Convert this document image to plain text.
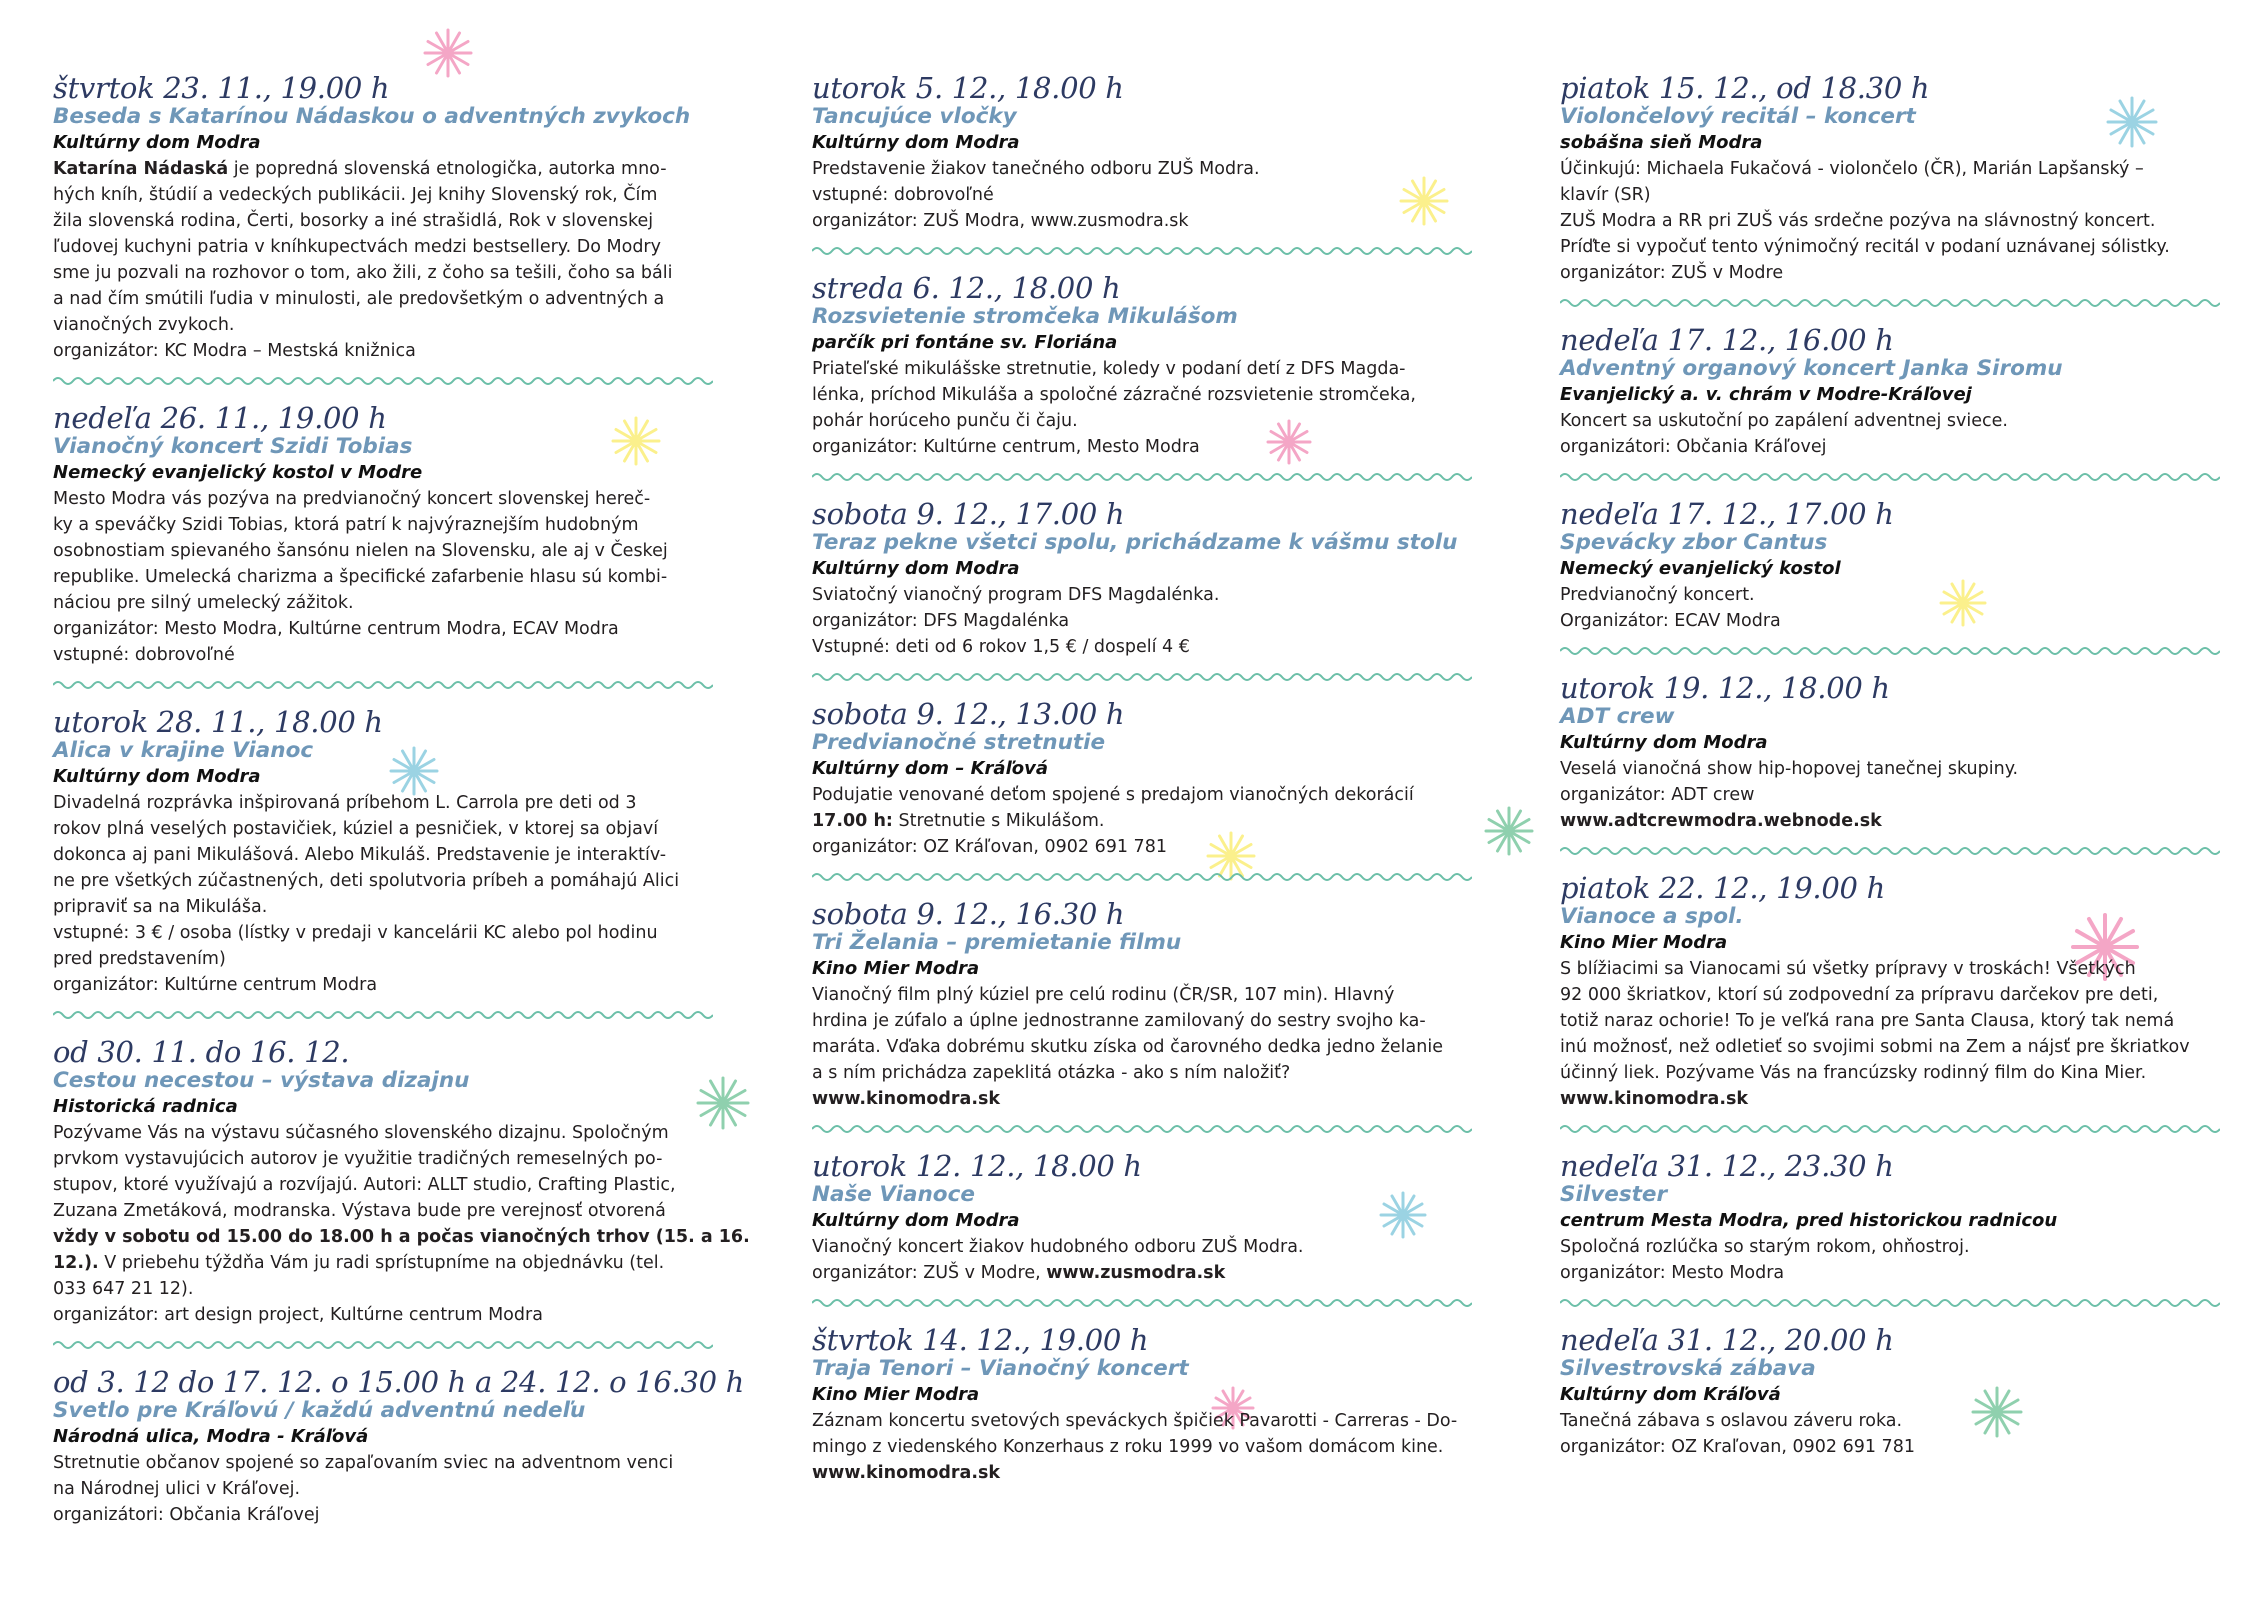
štvrtok 23. 11., 19.00 h
Beseda s Katarínou Nádaskou o adventných zvykoch
Kultúrny dom Modra
Katarína Nádaská je popredná slovenská etnologička, autorka mno-
hých kníh, štúdií a vedeckých publikácii. Jej knihy Slovenský rok, Čím
žila slovenská rodina, Čerti, bosorky a iné strašidlá, Rok v slovenskej
ľudovej kuchyni patria v kníhkupectvách medzi bestsellery. Do Modry
sme ju pozvali na rozhovor o tom, ako žili, z čoho sa tešili, čoho sa báli
a nad čím smútili ľudia v minulosti, ale predovšetkým o adventných a
vianočných zvykoch.
organizátor: KC Modra – Mestská knižnica
nedeľa 26. 11., 19.00 h
Vianočný koncert Szidi Tobias
Nemecký evanjelický kostol v Modre
Mesto Modra vás pozýva na predvianočný koncert slovenskej hereč-
ky a speváčky Szidi Tobias, ktorá patrí k najvýraznejším hudobným
osobnostiam spievaného šansónu nielen na Slovensku, ale aj v Českej
republike. Umelecká charizma a špecifické zafarbenie hlasu sú kombi-
náciou pre silný umelecký zážitok.
organizátor: Mesto Modra, Kultúrne centrum Modra, ECAV Modra
vstupné: dobrovoľné
utorok 28. 11., 18.00 h
Alica v krajine Vianoc
Kultúrny dom Modra
Divadelná rozprávka inšpirovaná príbehom L. Carrola pre deti od 3
rokov plná veselých postavičiek, kúziel a pesničiek, v ktorej sa objaví
dokonca aj pani Mikulášová. Alebo Mikuláš. Predstavenie je interaktív-
ne pre všetkých zúčastnených, deti spolutvoria príbeh a pomáhajú Alici
pripraviť sa na Mikuláša.
vstupné: 3 € / osoba (lístky v predaji v kancelárii KC alebo pol hodinu
pred predstavením)
organizátor: Kultúrne centrum Modra
od 30. 11. do 16. 12.
Cestou necestou – výstava dizajnu
Historická radnica
Pozývame Vás na výstavu súčasného slovenského dizajnu. Spoločným
prvkom vystavujúcich autorov je využitie tradičných remeselných po-
stupov, ktoré využívajú a rozvíjajú. Autori: ALLT studio, Crafting Plastic,
Zuzana Zmetáková, modranska. Výstava bude pre verejnosť otvorená
vždy v sobotu od 15.00 do 18.00 h a počas vianočných trhov (15. a 16.
12.). V priebehu týždňa Vám ju radi sprístupníme na objednávku (tel.
033 647 21 12).
organizátor: art design project, Kultúrne centrum Modra
od 3. 12 do 17. 12. o 15.00 h a 24. 12. o 16.30 h
Svetlo pre Kráľovú / každú adventnú nedeľu
Národná ulica, Modra - Kráľová
Stretnutie občanov spojené so zapaľovaním sviec na adventnom venci
na Národnej ulici v Kráľovej.
organizátori: Občania Kráľovej
utorok 5. 12., 18.00 h
Tancujúce vločky
Kultúrny dom Modra
Predstavenie žiakov tanečného odboru ZUŠ Modra.
vstupné: dobrovoľné
organizátor: ZUŠ Modra, www.zusmodra.sk
streda 6. 12., 18.00 h
Rozsvietenie stromčeka Mikulášom
parčík pri fontáne sv. Floriána
Priateľské mikulášske stretnutie, koledy v podaní detí z DFS Magda-
lénka, príchod Mikuláša a spoločné zázračné rozsvietenie stromčeka,
pohár horúceho punču či čaju.
organizátor: Kultúrne centrum, Mesto Modra
sobota 9. 12., 17.00 h
Teraz pekne všetci spolu, prichádzame k vášmu stolu
Kultúrny dom Modra
Sviatočný vianočný program DFS Magdalénka.
organizátor: DFS Magdalénka
Vstupné: deti od 6 rokov 1,5 € / dospelí 4 €
sobota 9. 12., 13.00 h
Predvianočné stretnutie
Kultúrny dom – Kráľová
Podujatie venované deťom spojené s predajom vianočných dekorácií
17.00 h: Stretnutie s Mikulášom.
organizátor: OZ Kráľovan, 0902 691 781
sobota 9. 12., 16.30 h
Tri Želania – premietanie filmu
Kino Mier Modra
Vianočný film plný kúziel pre celú rodinu (ČR/SR, 107 min). Hlavný
hrdina je zúfalo a úplne jednostranne zamilovaný do sestry svojho ka-
maráta. Vďaka dobrému skutku získa od čarovného dedka jedno želanie
a s ním prichádza zapeklitá otázka - ako s ním naložiť?
www.kinomodra.sk
utorok 12. 12., 18.00 h
Naše Vianoce
Kultúrny dom Modra
Vianočný koncert žiakov hudobného odboru ZUŠ Modra.
organizátor: ZUŠ v Modre, www.zusmodra.sk
štvrtok 14. 12., 19.00 h
Traja Tenori – Vianočný koncert
Kino Mier Modra
Záznam koncertu svetových speváckych špičiek Pavarotti - Carreras - Do-
mingo z viedenského Konzerhaus z roku 1999 vo vašom domácom kine.
www.kinomodra.sk
piatok 15. 12., od 18.30 h
Violončelový recitál – koncert
sobášna sieň Modra
Účinkujú: Michaela Fukačová - violončelo (ČR), Marián Lapšanský –
klavír (SR)
ZUŠ Modra a RR pri ZUŠ vás srdečne pozýva na slávnostný koncert.
Príďte si vypočuť tento výnimočný recitál v podaní uznávanej sólistky.
organizátor: ZUŠ v Modre
nedeľa 17. 12., 16.00 h
Adventný organový koncert Janka Siromu
Evanjelický a. v. chrám v Modre-Kráľovej
Koncert sa uskutoční po zapálení adventnej sviece.
organizátori: Občania Kráľovej
nedeľa 17. 12., 17.00 h
Spevácky zbor Cantus
Nemecký evanjelický kostol
Predvianočný koncert.
Organizátor: ECAV Modra
utorok 19. 12., 18.00 h
ADT crew
Kultúrny dom Modra
Veselá vianočná show hip-hopovej tanečnej skupiny.
organizátor: ADT crew
www.adtcrewmodra.webnode.sk
piatok 22. 12., 19.00 h
Vianoce a spol.
Kino Mier Modra
S blížiacimi sa Vianocami sú všetky prípravy v troskách! Všetkých
92 000 škriatkov, ktorí sú zodpovední za prípravu darčekov pre deti,
totiž naraz ochorie! To je veľká rana pre Santa Clausa, ktorý tak nemá
inú možnosť, než odletieť so svojimi sobmi na Zem a nájsť pre škriatkov
účinný liek. Pozývame Vás na francúzsky rodinný film do Kina Mier.
www.kinomodra.sk
nedeľa 31. 12., 23.30 h
Silvester
centrum Mesta Modra, pred historickou radnicou
Spoločná rozlúčka so starým rokom, ohňostroj.
organizátor: Mesto Modra
nedeľa 31. 12., 20.00 h
Silvestrovská zábava
Kultúrny dom Kráľová
Tanečná zábava s oslavou záveru roka.
organizátor: OZ Kraľovan, 0902 691 781
